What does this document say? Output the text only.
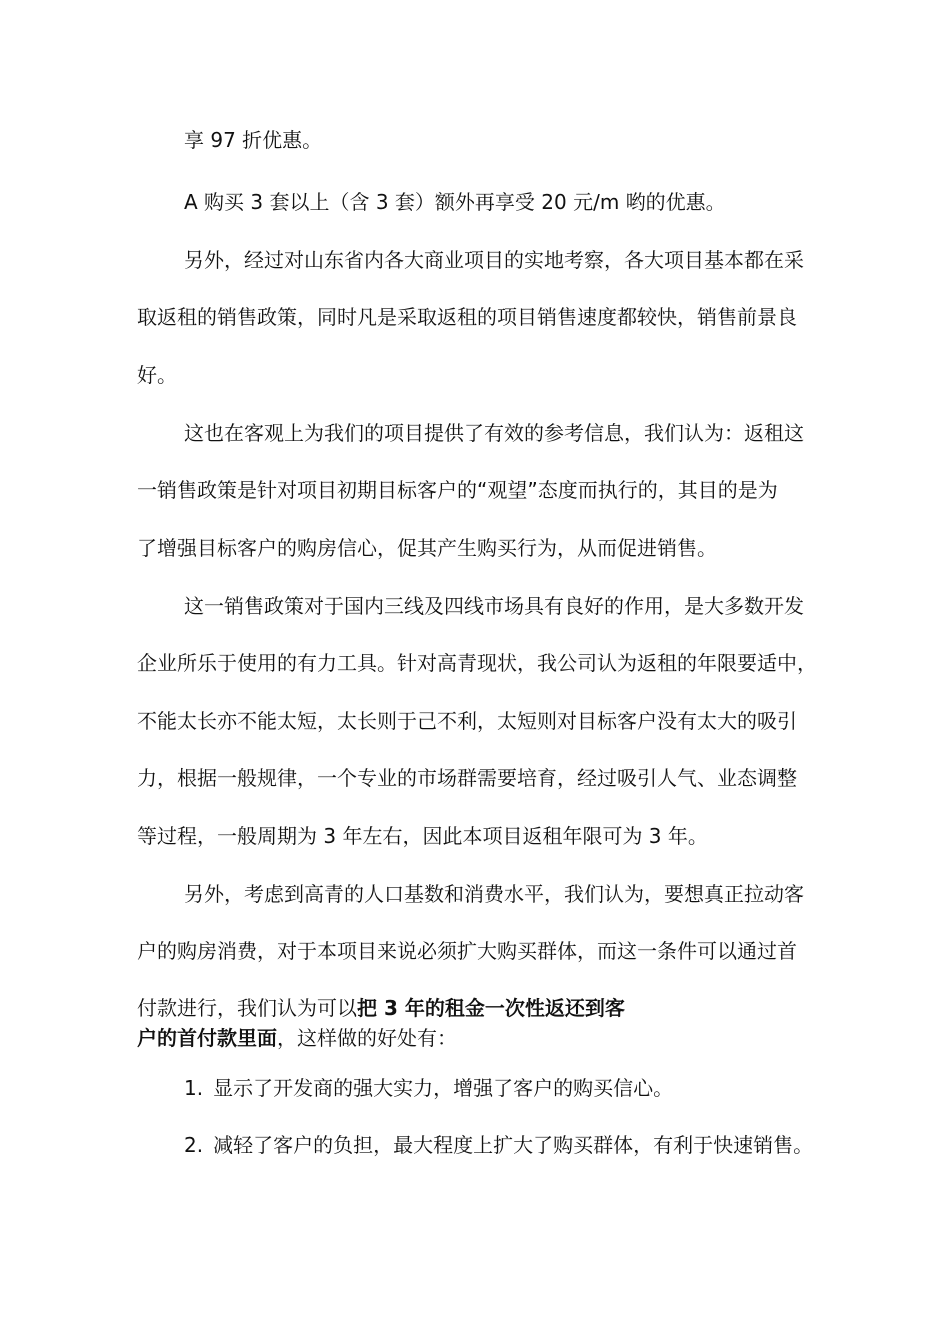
享 97 折优惠。
A 购买 3 套以上（含 3 套）额外再享受 20 元/m 哟的优惠。
另外，经过对山东省内各大商业项目的实地考察，各大项目基本都在采
取返租的销售政策，同时凡是采取返租的项目销售速度都较快，销售前景良
好。
这也在客观上为我们的项目提供了有效的参考信息，我们认为：返租这
一销售政策是针对项目初期目标客户的“观望”态度而执行的，其目的是为
了增强目标客户的购房信心，促其产生购买行为，从而促进销售。
这一销售政策对于国内三线及四线市场具有良好的作用，是大多数开发
企业所乐于使用的有力工具。针对高青现状，我公司认为返租的年限要适中，
不能太长亦不能太短，太长则于己不利，太短则对目标客户没有太大的吸引
力，根据一般规律，一个专业的市场群需要培育，经过吸引人气、业态调整
等过程，一般周期为 3 年左右，因此本项目返租年限可为 3 年。
另外，考虑到高青的人口基数和消费水平，我们认为，要想真正拉动客
户的购房消费，对于本项目来说必须扩大购买群体，而这一条件可以通过首
付款进行，我们认为可以把 3 年的租金一次性返还到客
户的首付款里面，这样做的好处有：
1. 显示了开发商的强大实力，增强了客户的购买信心。
2. 减轻了客户的负担，最大程度上扩大了购买群体，有利于快速销售。
